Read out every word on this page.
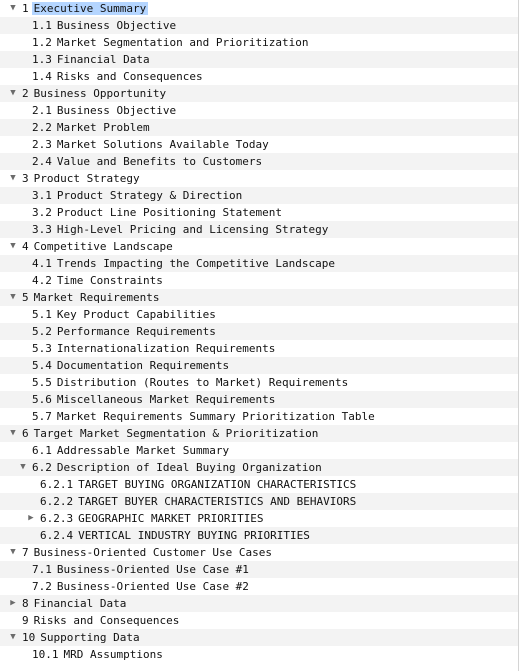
▼ 1 Executive Summary
1.1 Business Objective
1.2 Market Segmentation and Prioritization
1.3 Financial Data
1.4 Risks and Consequences
▼ 2 Business Opportunity
2.1 Business Objective
2.2 Market Problem
2.3 Market Solutions Available Today
2.4 Value and Benefits to Customers
▼ 3 Product Strategy
3.1 Product Strategy & Direction
3.2 Product Line Positioning Statement
3.3 High-Level Pricing and Licensing Strategy
▼ 4 Competitive Landscape
4.1 Trends Impacting the Competitive Landscape
4.2 Time Constraints
▼ 5 Market Requirements
5.1 Key Product Capabilities
5.2 Performance Requirements
5.3 Internationalization Requirements
5.4 Documentation Requirements
5.5 Distribution (Routes to Market) Requirements
5.6 Miscellaneous Market Requirements
5.7 Market Requirements Summary Prioritization Table
▼ 6 Target Market Segmentation & Prioritization
6.1 Addressable Market Summary
▼ 6.2 Description of Ideal Buying Organization
6.2.1 TARGET BUYING ORGANIZATION CHARACTERISTICS
6.2.2 TARGET BUYER CHARACTERISTICS AND BEHAVIORS
▶ 6.2.3 GEOGRAPHIC MARKET PRIORITIES
6.2.4 VERTICAL INDUSTRY BUYING PRIORITIES
▼ 7 Business-Oriented Customer Use Cases
7.1 Business-Oriented Use Case #1
7.2 Business-Oriented Use Case #2
▶ 8 Financial Data
9 Risks and Consequences
▼ 10 Supporting Data
10.1 MRD Assumptions
